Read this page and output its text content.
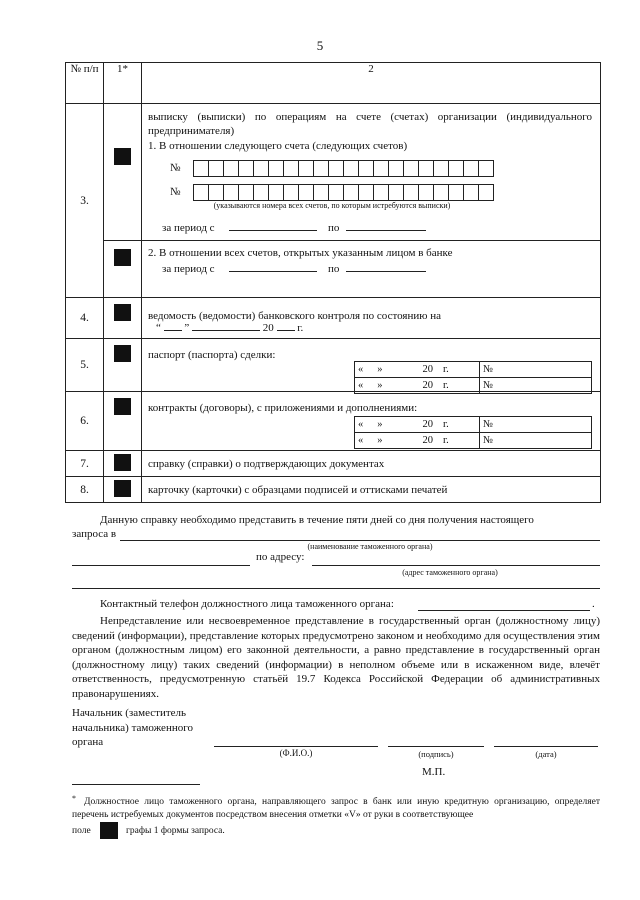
5
№ п/п	1*	2
3.	

выписку (выписки) по операциям на счете (счетах) организации (индивидуального предпринимателя)
1. В отношении следующего счета (следующих счетов)
№
№
(указываются номера всех счетов, по которым истребуются выписки)
за период с	по

2. В отношении всех счетов, открытых указанным лицом в банке
за период с	по

4.		ведомость (ведомости) банковского контроля по состоянию на
“ ”	20 г.

5.	

паспорт (паспорта) сделки:
« »	20 г.	№
« »	20 г.	№

6.	

контракты (договоры), с приложениями и дополнениями:
« »	20 г.	№
« »	20 г.	№

7.		справку (справки) о подтверждающих документах
8.		карточку (карточки) с образцами подписей и оттисками печатей
Данную справку необходимо представить в течение пяти дней со дня получения настоящего
запроса в
(наименование таможенного органа)
по адресу:
(адрес таможенного органа)
Контактный телефон должностного лица таможенного органа:	.
Непредставление или несвоевременное представление в государственный орган (должностному лицу) сведений (информации), представление которых предусмотрено законом и необходимо для осуществления этим органом (должностным лицом) его законной деятельности, а равно представление в государственный орган (должностному лицу) таких сведений (информации) в неполном объеме или в искаженном виде, влечёт ответственность, предусмотренную статьёй 19.7 Кодекса Российской Федерации об административных правонарушениях.
Начальник (заместитель начальника) таможенного органа
(Ф.И.О.)	(подпись)	(дата)
М.П.
* Должностное лицо таможенного органа, направляющего запрос в банк или иную кредитную организацию, определяет перечень истребуемых документов посредством внесения отметки «V» от руки в соответствующее
поле	графы 1 формы запроса.
